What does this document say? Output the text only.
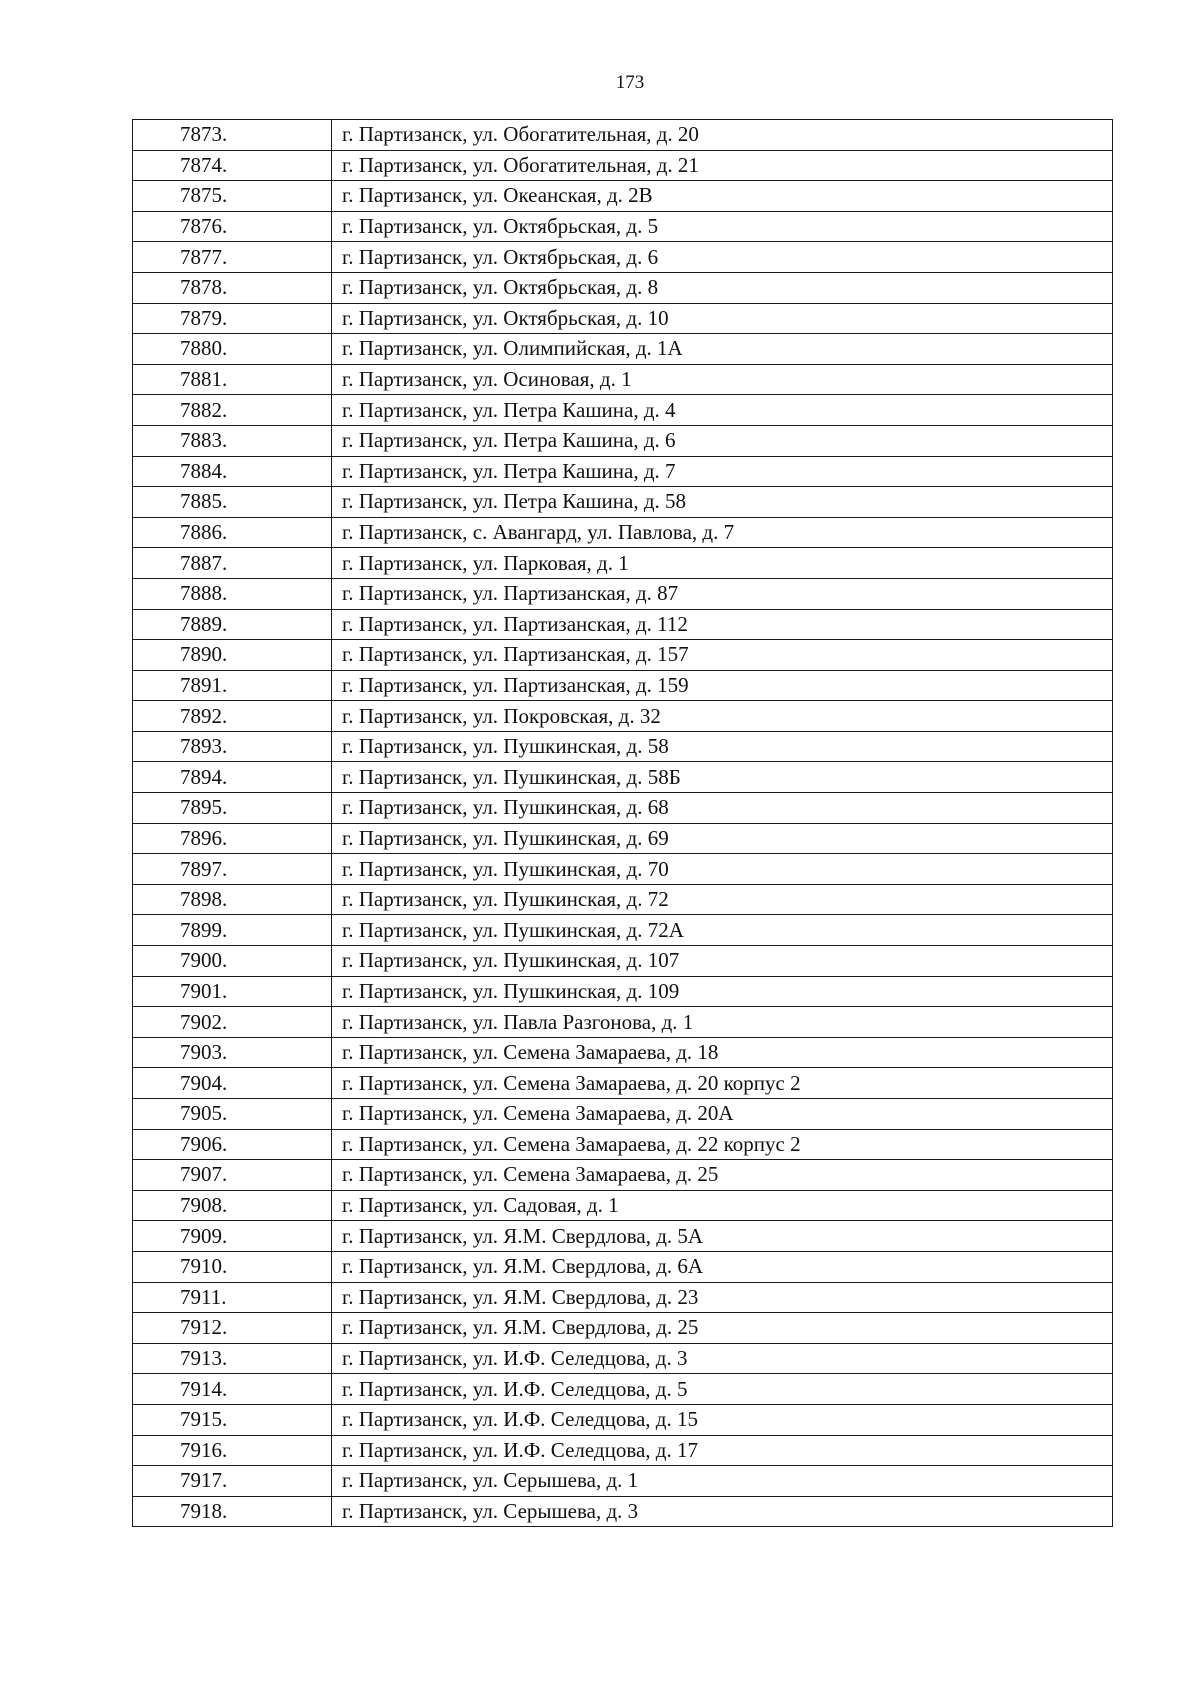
173
7873.	г. Партизанск, ул. Обогатительная, д. 20
7874.	г. Партизанск, ул. Обогатительная, д. 21
7875.	г. Партизанск, ул. Океанская, д. 2В
7876.	г. Партизанск, ул. Октябрьская, д. 5
7877.	г. Партизанск, ул. Октябрьская, д. 6
7878.	г. Партизанск, ул. Октябрьская, д. 8
7879.	г. Партизанск, ул. Октябрьская, д. 10
7880.	г. Партизанск, ул. Олимпийская, д. 1А
7881.	г. Партизанск, ул. Осиновая, д. 1
7882.	г. Партизанск, ул. Петра Кашина, д. 4
7883.	г. Партизанск, ул. Петра Кашина, д. 6
7884.	г. Партизанск, ул. Петра Кашина, д. 7
7885.	г. Партизанск, ул. Петра Кашина, д. 58
7886.	г. Партизанск, с. Авангард, ул. Павлова, д. 7
7887.	г. Партизанск, ул. Парковая, д. 1
7888.	г. Партизанск, ул. Партизанская, д. 87
7889.	г. Партизанск, ул. Партизанская, д. 112
7890.	г. Партизанск, ул. Партизанская, д. 157
7891.	г. Партизанск, ул. Партизанская, д. 159
7892.	г. Партизанск, ул. Покровская, д. 32
7893.	г. Партизанск, ул. Пушкинская, д. 58
7894.	г. Партизанск, ул. Пушкинская, д. 58Б
7895.	г. Партизанск, ул. Пушкинская, д. 68
7896.	г. Партизанск, ул. Пушкинская, д. 69
7897.	г. Партизанск, ул. Пушкинская, д. 70
7898.	г. Партизанск, ул. Пушкинская, д. 72
7899.	г. Партизанск, ул. Пушкинская, д. 72А
7900.	г. Партизанск, ул. Пушкинская, д. 107
7901.	г. Партизанск, ул. Пушкинская, д. 109
7902.	г. Партизанск, ул. Павла Разгонова, д. 1
7903.	г. Партизанск, ул. Семена Замараева, д. 18
7904.	г. Партизанск, ул. Семена Замараева, д. 20 корпус 2
7905.	г. Партизанск, ул. Семена Замараева, д. 20А
7906.	г. Партизанск, ул. Семена Замараева, д. 22 корпус 2
7907.	г. Партизанск, ул. Семена Замараева, д. 25
7908.	г. Партизанск, ул. Садовая, д. 1
7909.	г. Партизанск, ул. Я.М. Свердлова, д. 5А
7910.	г. Партизанск, ул. Я.М. Свердлова, д. 6А
7911.	г. Партизанск, ул. Я.М. Свердлова, д. 23
7912.	г. Партизанск, ул. Я.М. Свердлова, д. 25
7913.	г. Партизанск, ул. И.Ф. Селедцова, д. 3
7914.	г. Партизанск, ул. И.Ф. Селедцова, д. 5
7915.	г. Партизанск, ул. И.Ф. Селедцова, д. 15
7916.	г. Партизанск, ул. И.Ф. Селедцова, д. 17
7917.	г. Партизанск, ул. Серышева, д. 1
7918.	г. Партизанск, ул. Серышева, д. 3
